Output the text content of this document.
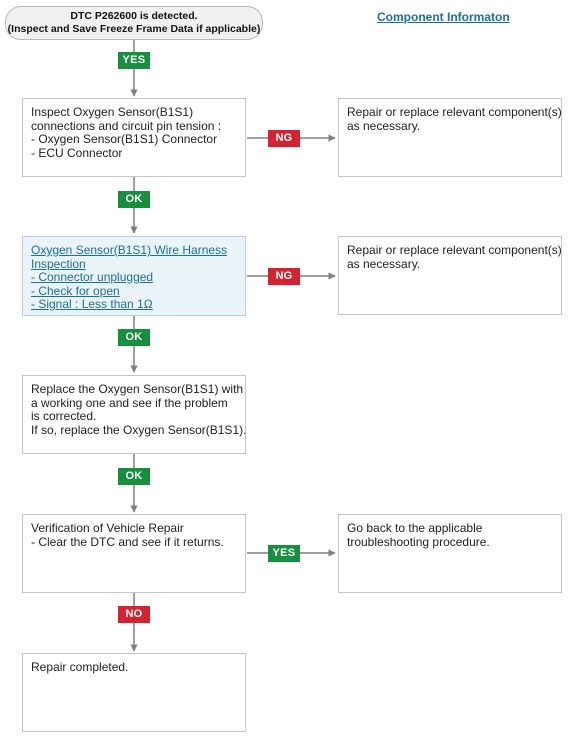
DTC P262600 is detected.
(Inspect and Save Freeze Frame Data if applicable)
Component Informaton
YES
OK
OK
OK
NO
NG
NG
YES
Inspect Oxygen Sensor(B1S1)
connections and circuit pin tension :
- Oxygen Sensor(B1S1) Connector
- ECU Connector
Oxygen Sensor(B1S1) Wire Harness
Inspection
- Connector unplugged
- Check for open
- Signal : Less than 1Ω
Replace the Oxygen Sensor(B1S1) with
a working one and see if the problem
is corrected.
If so, replace the Oxygen Sensor(B1S1).
Verification of Vehicle Repair
- Clear the DTC and see if it returns.
Repair completed.
Repair or replace relevant component(s)
as necessary.
Repair or replace relevant component(s)
as necessary.
Go back to the applicable
troubleshooting procedure.
